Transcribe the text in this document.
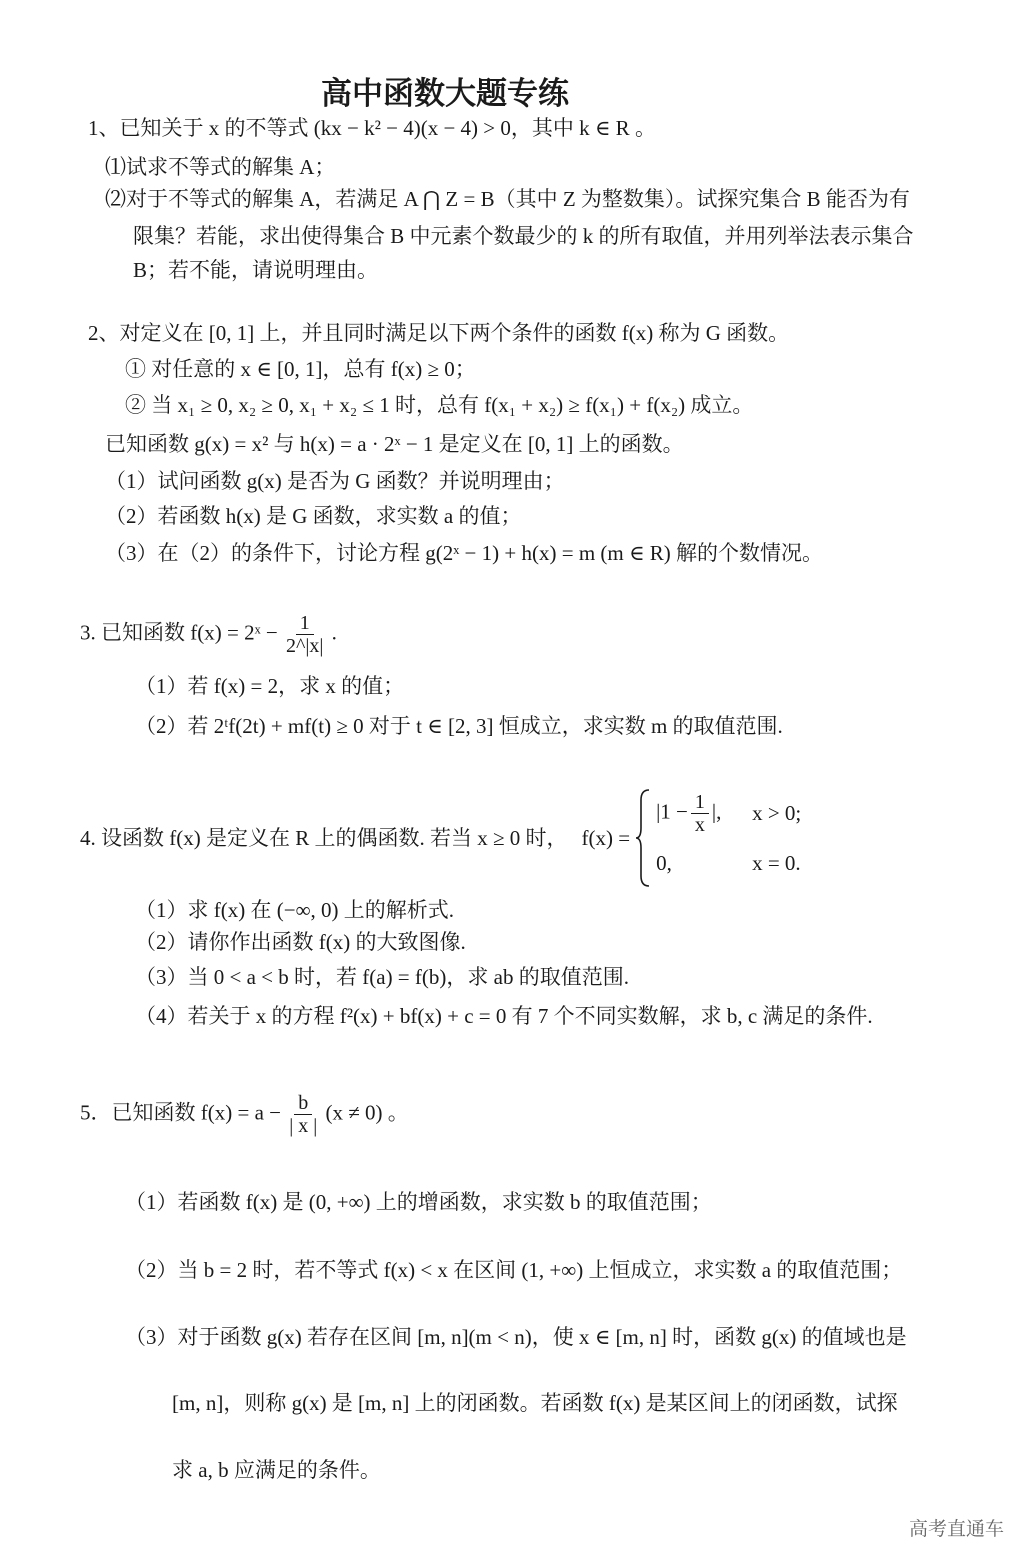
高中函数大题专练
1、已知关于 x 的不等式 (kx − k² − 4)(x − 4) > 0，其中 k ∈ R 。
⑴试求不等式的解集 A；
⑵对于不等式的解集 A，若满足 A ⋂ Z = B（其中 Z 为整数集）。试探究集合 B 能否为有
限集？若能，求出使得集合 B 中元素个数最少的 k 的所有取值，并用列举法表示集合
B；若不能，请说明理由。
2、对定义在 [0, 1] 上，并且同时满足以下两个条件的函数 f(x) 称为 G 函数。
① 对任意的 x ∈ [0, 1]，总有 f(x) ≥ 0；
② 当 x₁ ≥ 0, x₂ ≥ 0, x₁ + x₂ ≤ 1 时，总有 f(x₁ + x₂) ≥ f(x₁) + f(x₂) 成立。
已知函数 g(x) = x² 与 h(x) = a · 2ˣ − 1 是定义在 [0, 1] 上的函数。
（1）试问函数 g(x) 是否为 G 函数？并说明理由；
（2）若函数 h(x) 是 G 函数，求实数 a 的值；
（3）在（2）的条件下，讨论方程 g(2ˣ − 1) + h(x) = m (m ∈ R) 解的个数情况。
3. 已知函数 f(x) = 2ˣ − $\frac{1}{2\^{}|x|}$ .
（1）若 f(x) = 2，求 x 的值；
（2）若 2ᵗf(2t) + mf(t) ≥ 0 对于 t ∈ [2, 3] 恒成立，求实数 m 的取值范围.
4. 设函数 f(x) 是定义在 R 上的偶函数. 若当 x ≥ 0 时， f(x) =
$|1 - \frac{1}{x}$ |,	x > 0;
0,	x = 0.
（1）求 f(x) 在 (−∞, 0) 上的解析式.
（2）请你作出函数 f(x) 的大致图像.
（3）当 0 < a < b 时，若 f(a) = f(b)，求 ab 的取值范围.
（4）若关于 x 的方程 f²(x) + bf(x) + c = 0 有 7 个不同实数解，求 b, c 满足的条件.
5．已知函数 $f(x) = a - \frac{b}{| x |} (x \ne 0)$ 。
（1）若函数 f(x) 是 (0, +∞) 上的增函数，求实数 b 的取值范围；
（2）当 b = 2 时，若不等式 f(x) < x 在区间 (1, +∞) 上恒成立，求实数 a 的取值范围；
（3）对于函数 g(x) 若存在区间 [m, n](m < n)，使 x ∈ [m, n] 时，函数 g(x) 的值域也是
[m, n]，则称 g(x) 是 [m, n] 上的闭函数。若函数 f(x) 是某区间上的闭函数，试探
求 a, b 应满足的条件。
高考直通车
